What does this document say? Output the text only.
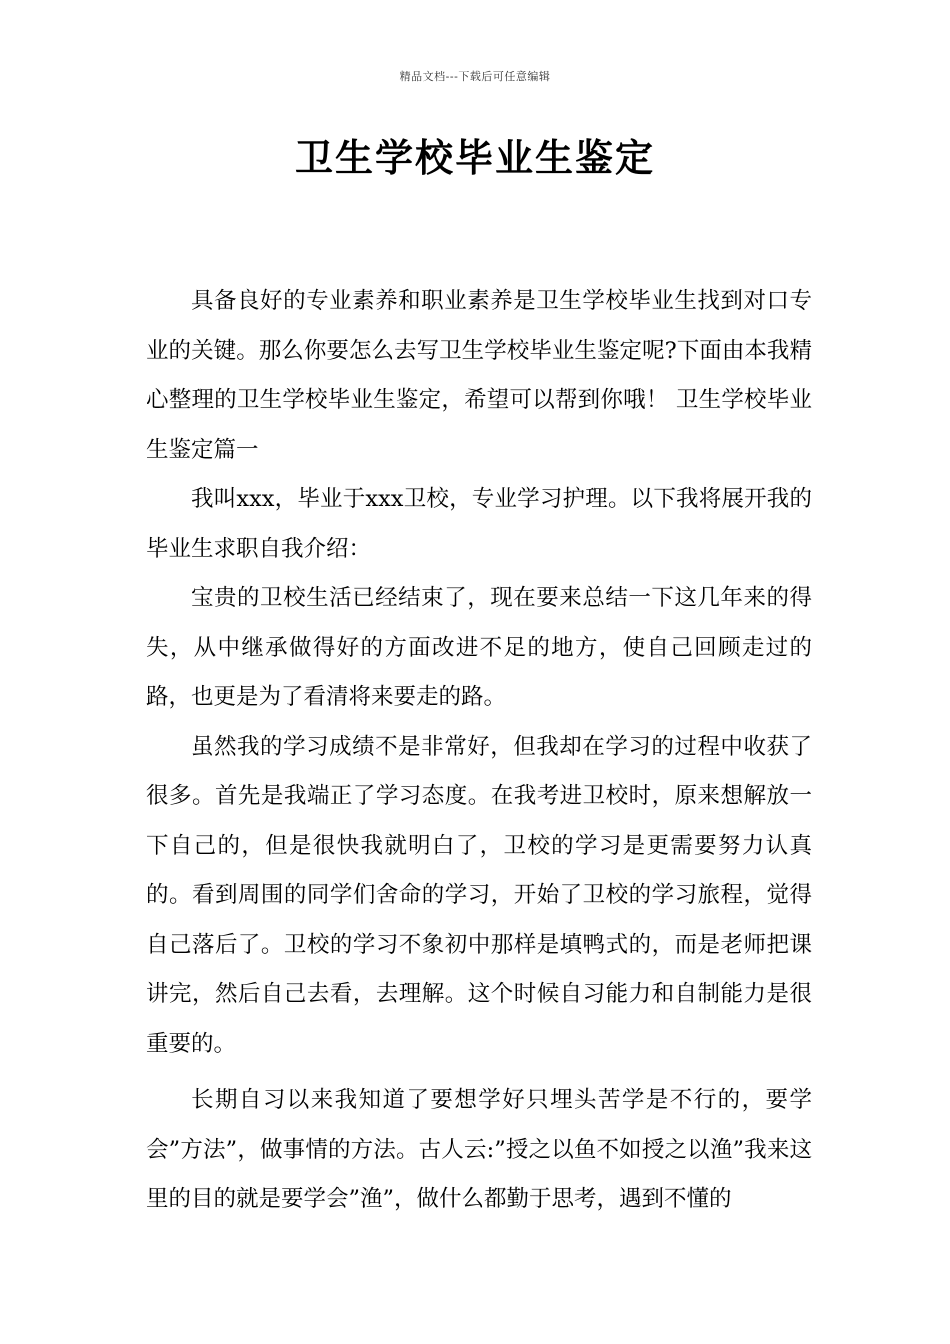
精品文档---下载后可任意编辑
卫生学校毕业生鉴定

具备良好的专业素养和职业素养是卫生学校毕业生找到对口专业的关键。那么你要怎么去写卫生学校毕业生鉴定呢?下面由本我精心整理的卫生学校毕业生鉴定，希望可以帮到你哦！ 卫生学校毕业生鉴定篇一

我叫xxx，毕业于xxx卫校，专业学习护理。以下我将展开我的毕业生求职自我介绍：

宝贵的卫校生活已经结束了，现在要来总结一下这几年来的得失，从中继承做得好的方面改进不足的地方，使自己回顾走过的路，也更是为了看清将来要走的路。

虽然我的学习成绩不是非常好，但我却在学习的过程中收获了很多。首先是我端正了学习态度。在我考进卫校时，原来想解放一下自己的，但是很快我就明白了，卫校的学习是更需要努力认真的。看到周围的同学们舍命的学习，开始了卫校的学习旅程，觉得自己落后了。卫校的学习不象初中那样是填鸭式的，而是老师把课讲完，然后自己去看，去理解。这个时候自习能力和自制能力是很重要的。

长期自习以来我知道了要想学好只埋头苦学是不行的，要学会”方法”，做事情的方法。古人云:”授之以鱼不如授之以渔”我来这里的目的就是要学会”渔”，做什么都勤于思考，遇到不懂的
